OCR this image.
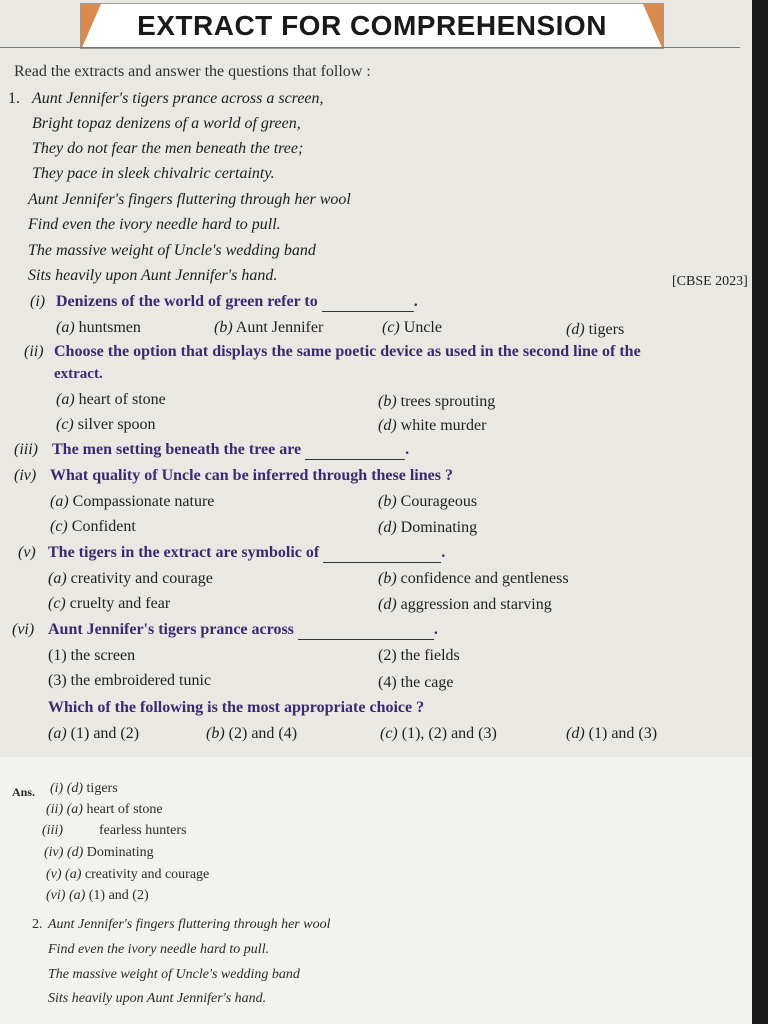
EXTRACT FOR COMPREHENSION
Read the extracts and answer the questions that follow :
1. Aunt Jennifer's tigers prance across a screen,
Bright topaz denizens of a world of green,
They do not fear the men beneath the tree;
They pace in sleek chivalric certainty.
Aunt Jennifer's fingers fluttering through her wool
Find even the ivory needle hard to pull.
The massive weight of Uncle's wedding band
Sits heavily upon Aunt Jennifer's hand.	[CBSE 2023]
(i) Denizens of the world of green refer to	.
(a) huntsmen	(b) Aunt Jennifer	(c) Uncle	(d) tigers
(ii) Choose the option that displays the same poetic device as used in the second line of the
extract.
(a) heart of stone	(b) trees sprouting
(c) silver spoon	(d) white murder
(iii) The men setting beneath the tree are	.
(iv) What quality of Uncle can be inferred through these lines ?
(a) Compassionate nature	(b) Courageous
(c) Confident	(d) Dominating
(v) The tigers in the extract are symbolic of	.
(a) creativity and courage	(b) confidence and gentleness
(c) cruelty and fear	(d) aggression and starving
(vi) Aunt Jennifer's tigers prance across	.
(1) the screen	(2) the fields
(3) the embroidered tunic	(4) the cage
Which of the following is the most appropriate choice ?
(a) (1) and (2)	(b) (2) and (4)	(c) (1), (2) and (3)	(d) (1) and (3)
Ans. (i) (d) tigers
(ii) (a) heart of stone
(iii)	fearless hunters
(iv) (d) Dominating
(v) (a) creativity and courage
(vi) (a) (1) and (2)
2. Aunt Jennifer's fingers fluttering through her wool
Find even the ivory needle hard to pull.
The massive weight of Uncle's wedding band
Sits heavily upon Aunt Jennifer's hand.
